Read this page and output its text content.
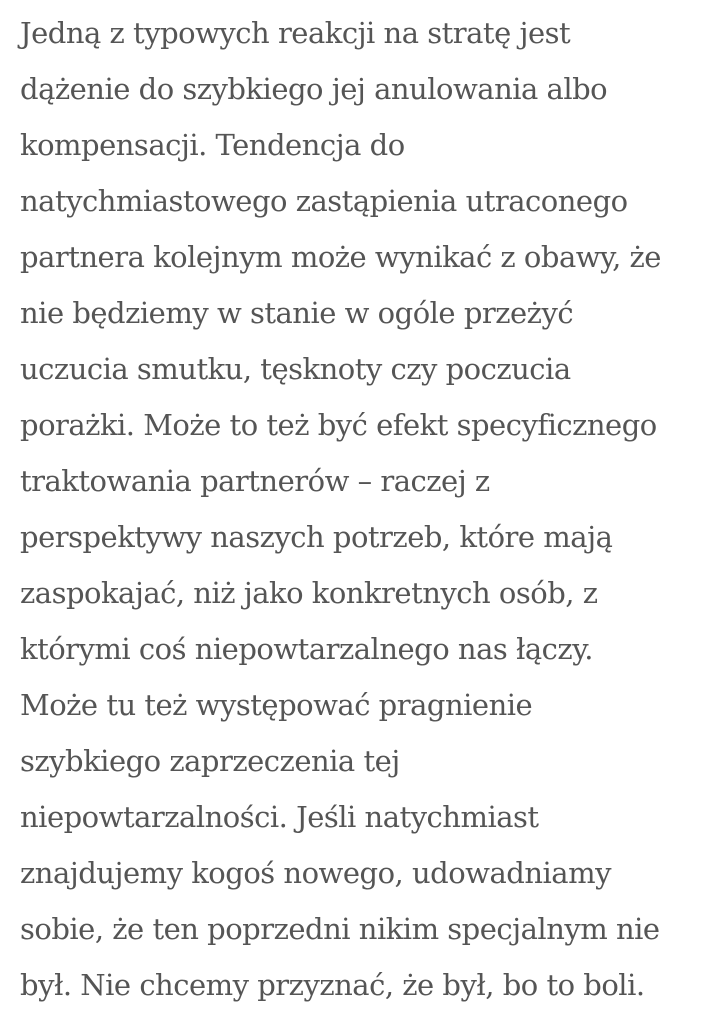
Jedną z typowych reakcji na stratę jest
dążenie do szybkiego jej anulowania albo
kompensacji. Tendencja do
natychmiastowego zastąpienia utraconego
partnera kolejnym może wynikać z obawy, że
nie będziemy w stanie w ogóle przeżyć
uczucia smutku, tęsknoty czy poczucia
porażki. Może to też być efekt specyficznego
traktowania partnerów – raczej z
perspektywy naszych potrzeb, które mają
zaspokajać, niż jako konkretnych osób, z
którymi coś niepowtarzalnego nas łączy.
Może tu też występować pragnienie
szybkiego zaprzeczenia tej
niepowtarzalności. Jeśli natychmiast
znajdujemy kogoś nowego, udowadniamy
sobie, że ten poprzedni nikim specjalnym nie
był. Nie chcemy przyznać, że był, bo to boli.
